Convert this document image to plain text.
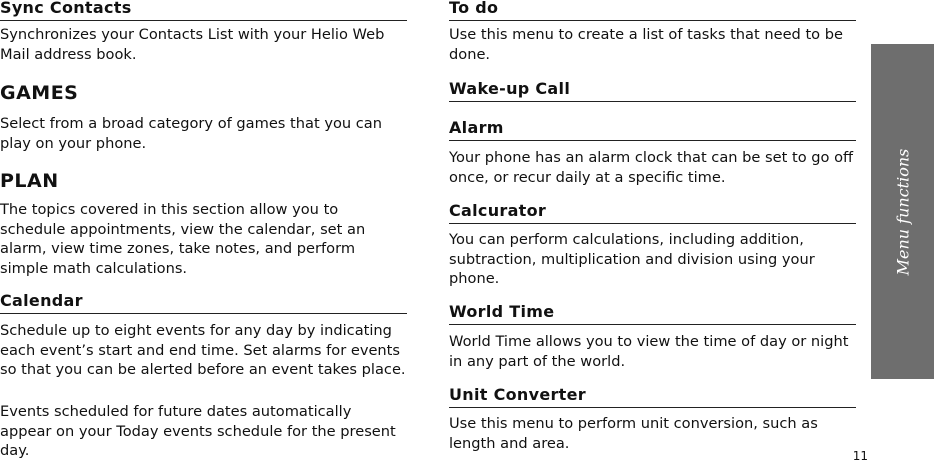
Sync Contacts

Synchronizes your Contacts List with your Helio Web Mail address book.

GAMES

Select from a broad category of games that you can play on your phone.

PLAN

The topics covered in this section allow you to schedule appointments, view the calendar, set an alarm, view time zones, take notes, and perform simple math calculations.

Calendar

Schedule up to eight events for any day by indicating each event’s start and end time. Set alarms for events so that you can be alerted before an event takes place.

Events scheduled for future dates automatically appear on your Today events schedule for the present day.

To do

Use this menu to create a list of tasks that need to be done.

Wake-up Call
Alarm

Your phone has an alarm clock that can be set to go off once, or recur daily at a specific time.

Calcurator

You can perform calculations, including addition, subtraction, multiplication and division using your phone.

World Time

World Time allows you to view the time of day or night in any part of the world.

Unit Converter

Use this menu to perform unit conversion, such as length and area.

Menu functions
11
